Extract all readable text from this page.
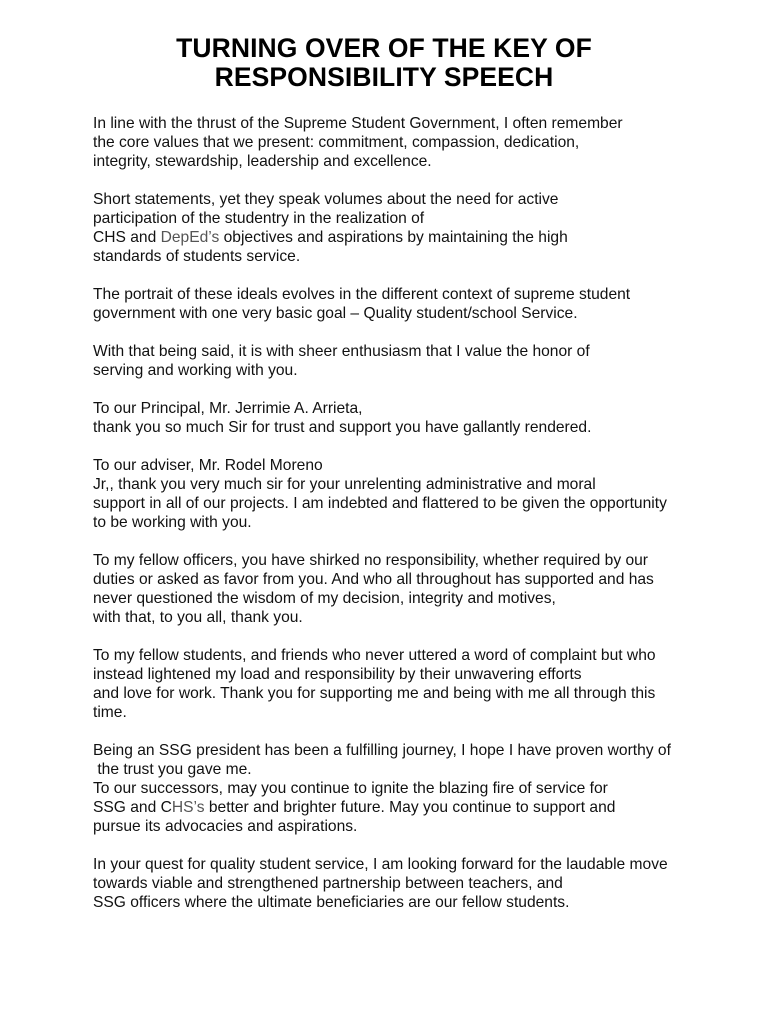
TURNING OVER OF THE KEY OF
RESPONSIBILITY SPEECH

In line with the thrust of the Supreme Student Government, I often remember
the core values that we present: commitment, compassion, dedication,
integrity, stewardship, leadership and excellence.

Short statements, yet they speak volumes about the need for active
participation of the studentry in the realization of
CHS and DepEd’s objectives and aspirations by maintaining the high
standards of students service.

The portrait of these ideals evolves in the different context of supreme student
government with one very basic goal – Quality student/school Service.

With that being said, it is with sheer enthusiasm that I value the honor of
serving and working with you.

To our Principal, Mr. Jerrimie A. Arrieta,
thank you so much Sir for trust and support you have gallantly rendered.

To our adviser, Mr. Rodel Moreno
Jr,, thank you very much sir for your unrelenting administrative and moral
support in all of our projects. I am indebted and flattered to be given the opportunity
to be working with you.

To my fellow officers, you have shirked no responsibility, whether required by our
duties or asked as favor from you. And who all throughout has supported and has
never questioned the wisdom of my decision, integrity and motives,
with that, to you all, thank you.

To my fellow students, and friends who never uttered a word of complaint but who
instead lightened my load and responsibility by their unwavering efforts
and love for work. Thank you for supporting me and being with me all through this
time.

Being an SSG president has been a fulfilling journey, I hope I have proven worthy of
the trust you gave me.
To our successors, may you continue to ignite the blazing fire of service for
SSG and CHS’s better and brighter future. May you continue to support and
pursue its advocacies and aspirations.

In your quest for quality student service, I am looking forward for the laudable move
towards viable and strengthened partnership between teachers, and
SSG officers where the ultimate beneficiaries are our fellow students.
